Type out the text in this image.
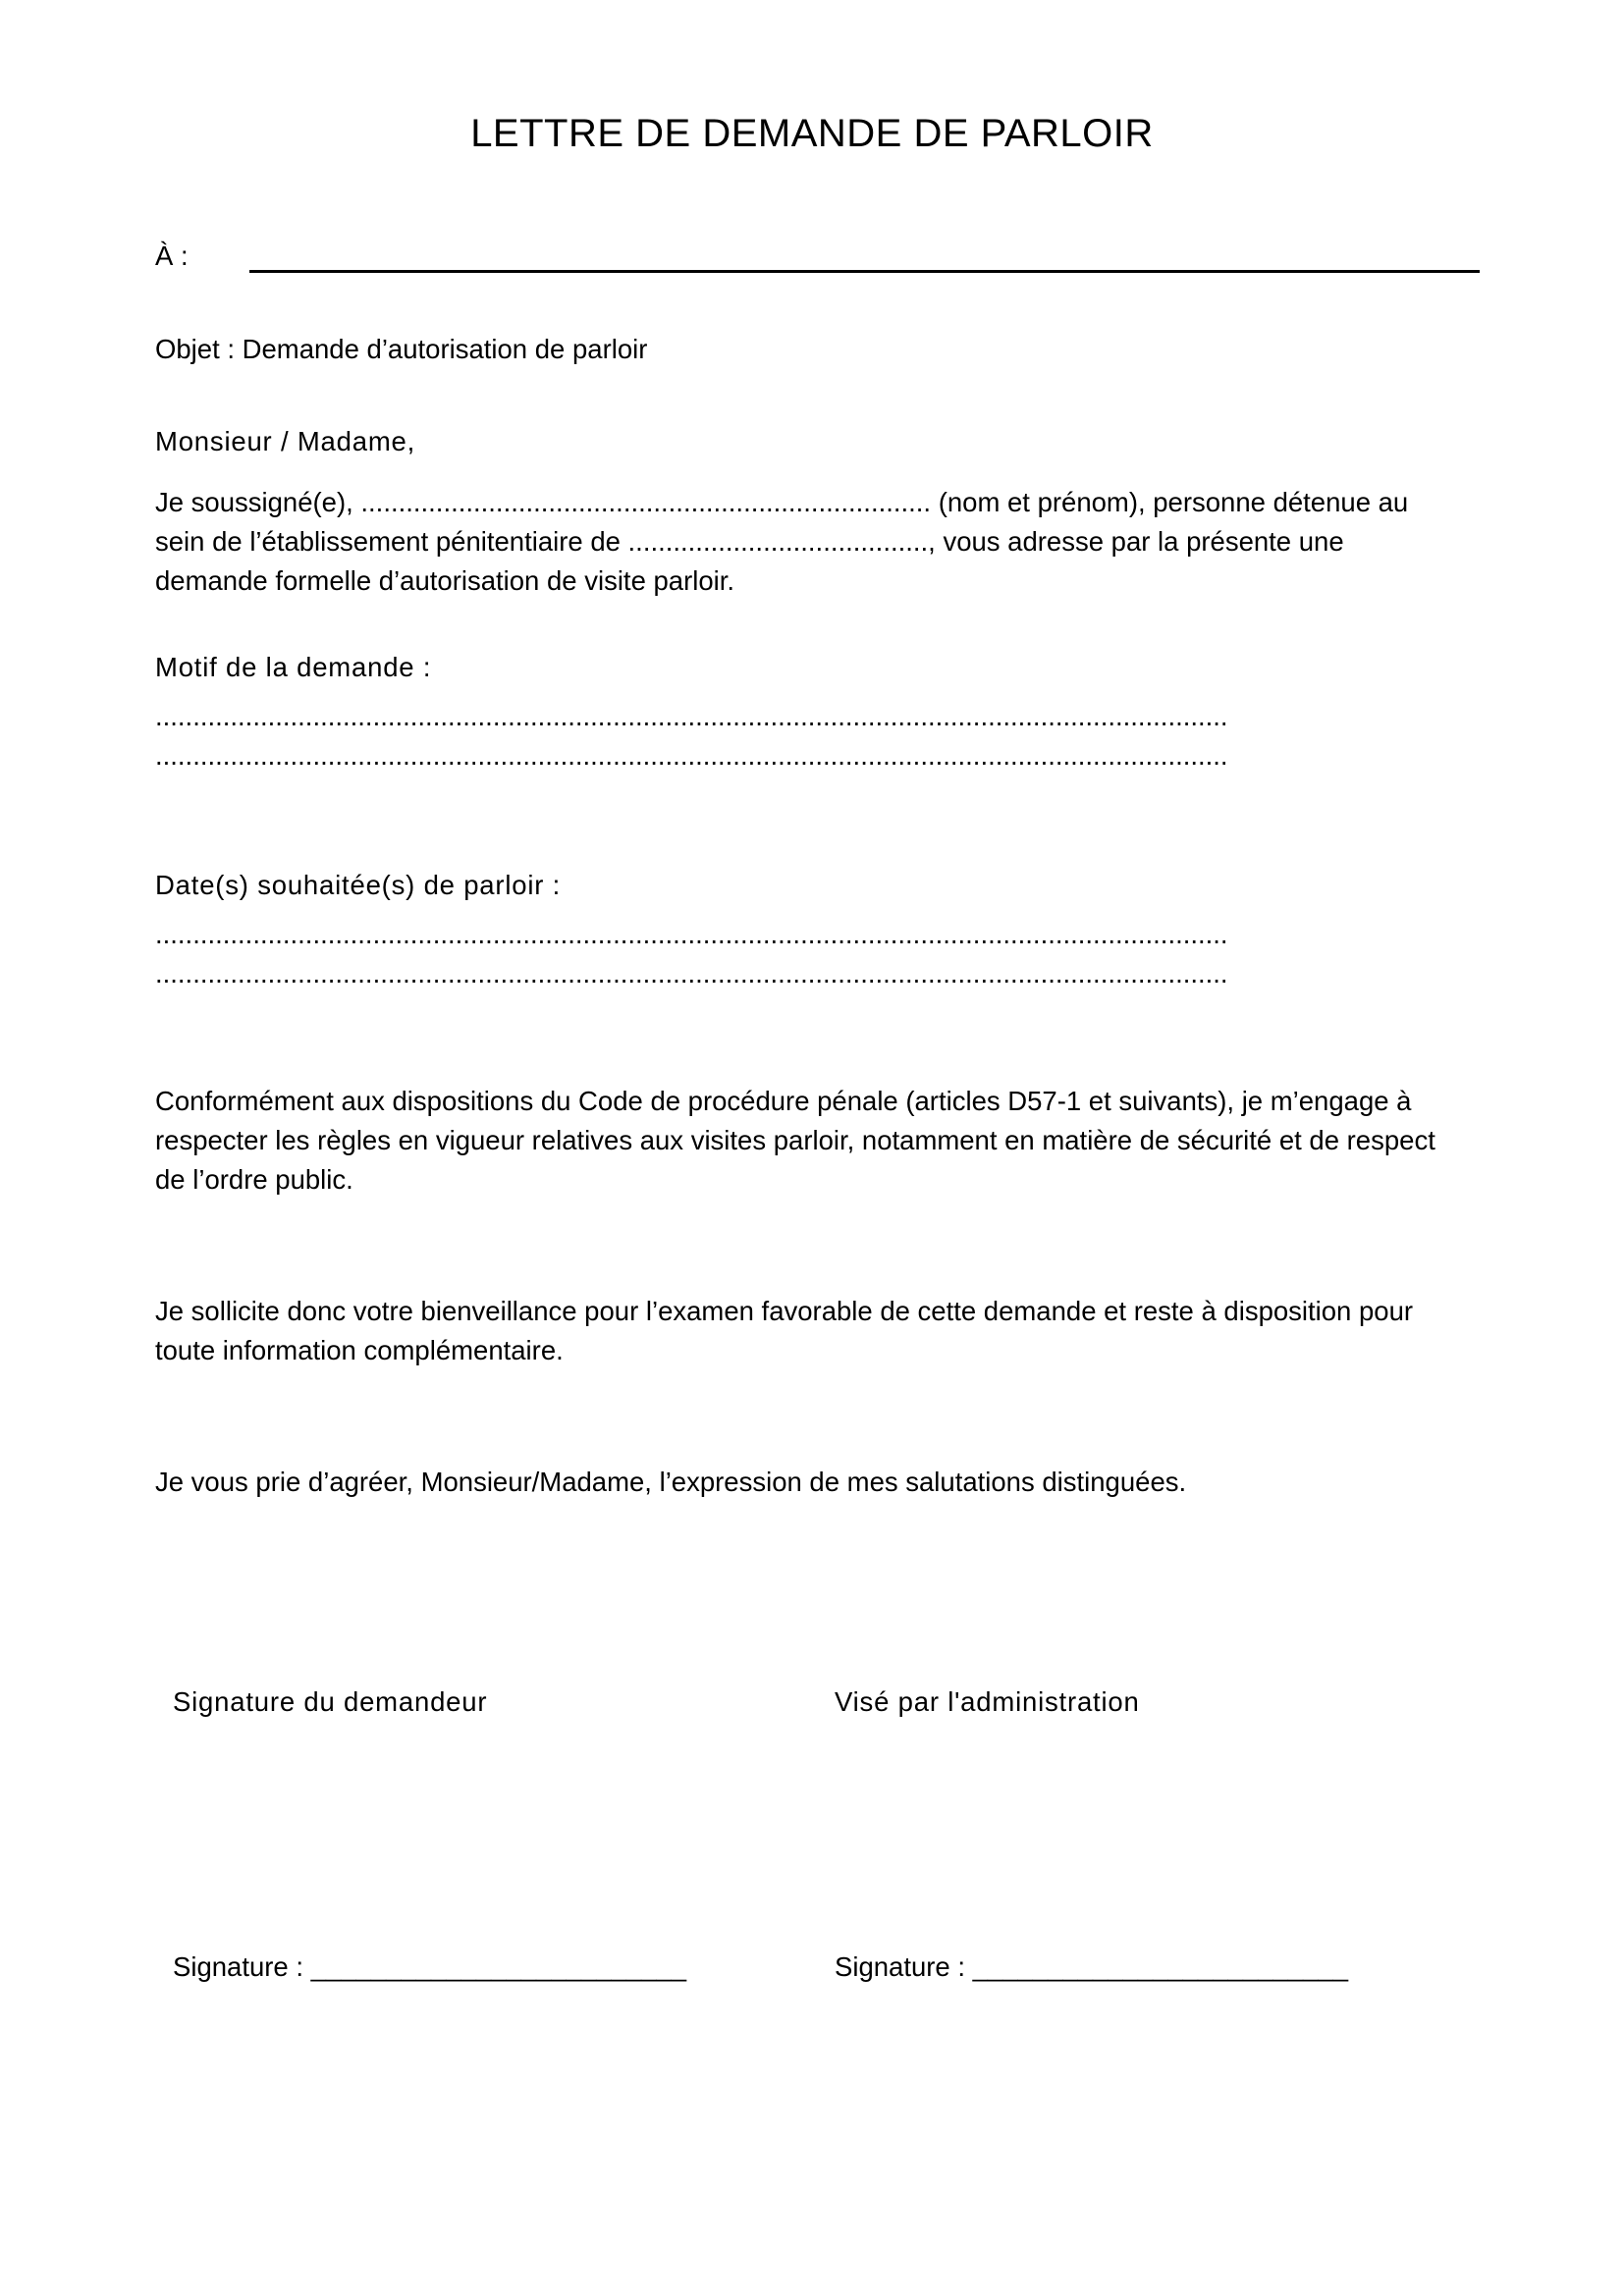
LETTRE DE DEMANDE DE PARLOIR
À :
Objet : Demande d’autorisation de parloir
Monsieur / Madame,
Je soussigné(e), ............................................................................ (nom et prénom), personne détenue au
sein de l’établissement pénitentiaire de ........................................, vous adresse par la présente une
demande formelle d’autorisation de visite parloir.
Motif de la demande :
...............................................................................................................................................
...............................................................................................................................................
Date(s) souhaitée(s) de parloir :
...............................................................................................................................................
...............................................................................................................................................
Conformément aux dispositions du Code de procédure pénale (articles D57-1 et suivants), je m’engage à
respecter les règles en vigueur relatives aux visites parloir, notamment en matière de sécurité et de respect
de l’ordre public.
Je sollicite donc votre bienveillance pour l’examen favorable de cette demande et reste à disposition pour
toute information complémentaire.
Je vous prie d’agréer, Monsieur/Madame, l’expression de mes salutations distinguées.
Signature du demandeur	Visé par l'administration
Signature : _________________________	Signature : _________________________
